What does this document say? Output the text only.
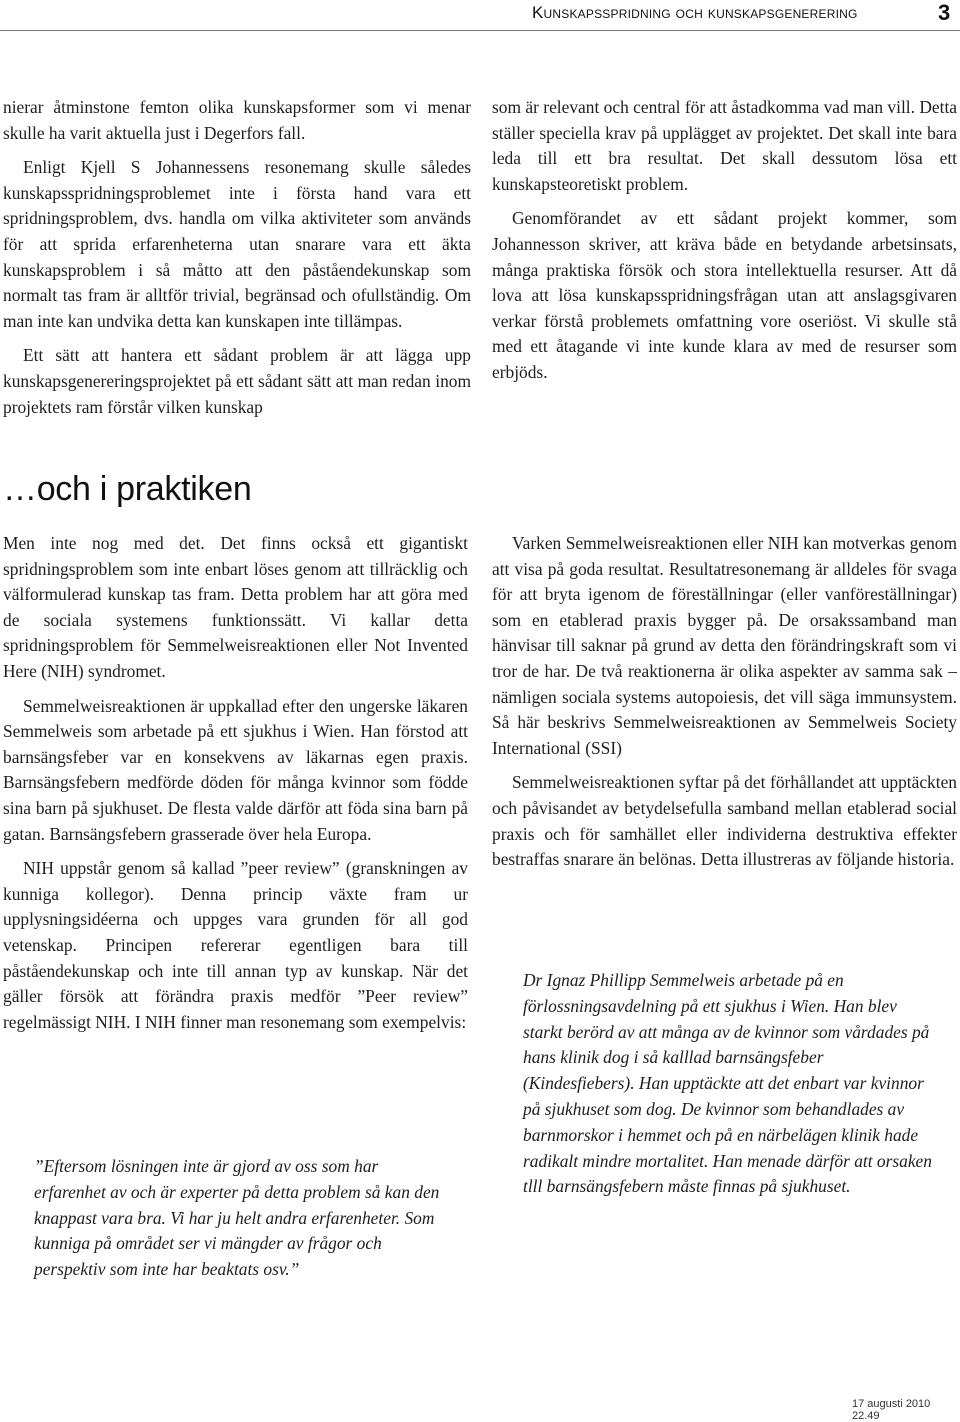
Kunskapsspridning och kunskapsgenerering	3

nierar åtminstone femton olika kunskapsformer som vi menar skulle ha varit aktuella just i Degerfors fall.

Enligt Kjell S Johannessens resonemang skulle således kunskapsspridningsproblemet inte i första hand vara ett spridningsproblem, dvs. handla om vilka aktiviteter som används för att sprida erfarenheterna utan snarare vara ett äkta kunskapsproblem i så måtto att den påståendekunskap som normalt tas fram är alltför trivial, begränsad och ofullständig. Om man inte kan undvika detta kan kunskapen inte tillämpas.

Ett sätt att hantera ett sådant problem är att lägga upp kunskapsgenereringsprojektet på ett sådant sätt att man redan inom projektets ram förstår vilken kunskap

som är relevant och central för att åstadkomma vad man vill. Detta ställer speciella krav på upplägget av projektet. Det skall inte bara leda till ett bra resultat. Det skall dessutom lösa ett kunskapsteoretiskt problem.

Genomförandet av ett sådant projekt kommer, som Johannesson skriver, att kräva både en betydande arbetsinsats, många praktiska försök och stora intellektuella resurser. Att då lova att lösa kunskapsspridningsfrågan utan att anslagsgivaren verkar förstå problemets omfattning vore oseriöst. Vi skulle stå med ett åtagande vi inte kunde klara av med de resurser som erbjöds.

…och i praktiken

Men inte nog med det. Det finns också ett gigantiskt spridningsproblem som inte enbart löses genom att tillräcklig och välformulerad kunskap tas fram. Detta problem har att göra med de sociala systemens funktionssätt. Vi kallar detta spridningsproblem för Semmelweisreaktionen eller Not Invented Here (NIH) syndromet.

Semmelweisreaktionen är uppkallad efter den ungerske läkaren Semmelweis som arbetade på ett sjukhus i Wien. Han förstod att barnsängsfeber var en konsekvens av läkarnas egen praxis. Barnsängsfebern medförde döden för många kvinnor som födde sina barn på sjukhuset. De flesta valde därför att föda sina barn på gatan. Barnsängsfebern grasserade över hela Europa.

NIH uppstår genom så kallad ”peer review” (granskningen av kunniga kollegor). Denna princip växte fram ur upplysningsidéerna och uppges vara grunden för all god vetenskap. Principen refererar egentligen bara till påståendekunskap och inte till annan typ av kunskap. När det gäller försök att förändra praxis medför ”Peer review” regelmässigt NIH. I NIH finner man resonemang som exempelvis:

”Eftersom lösningen inte är gjord av oss som har erfarenhet av och är experter på detta problem så kan den knappast vara bra. Vi har ju helt andra erfarenheter. Som kunniga på området ser vi mängder av frågor och perspektiv som inte har beaktats osv.”

Varken Semmelweisreaktionen eller NIH kan motverkas genom att visa på goda resultat. Resultatresonemang är alldeles för svaga för att bryta igenom de föreställningar (eller vanföreställningar) som en etablerad praxis bygger på. De orsakssamband man hänvisar till saknar på grund av detta den förändringskraft som vi tror de har. De två reaktionerna är olika aspekter av samma sak – nämligen sociala systems autopoiesis, det vill säga immunsystem. Så här beskrivs Semmelweisreaktionen av Semmelweis Society International (SSI)

Semmelweisreaktionen syftar på det förhållandet att upptäckten och påvisandet av betydelsefulla samband mellan etablerad social praxis och för samhället eller individerna destruktiva effekter bestraffas snarare än belönas. Detta illustreras av följande historia.

Dr Ignaz Phillipp Semmelweis arbetade på en förlossningsavdelning på ett sjukhus i Wien. Han blev starkt berörd av att många av de kvinnor som vårdades på hans klinik dog i så kalllad barnsängsfeber (Kindesfiebers). Han upptäckte att det enbart var kvinnor på sjukhuset som dog. De kvinnor som behandlades av barnmorskor i hemmet och på en närbelägen klinik hade radikalt mindre mortalitet. Han menade därför att orsaken tlll barnsängsfebern måste finnas på sjukhuset.

17 augusti 2010 22.49
